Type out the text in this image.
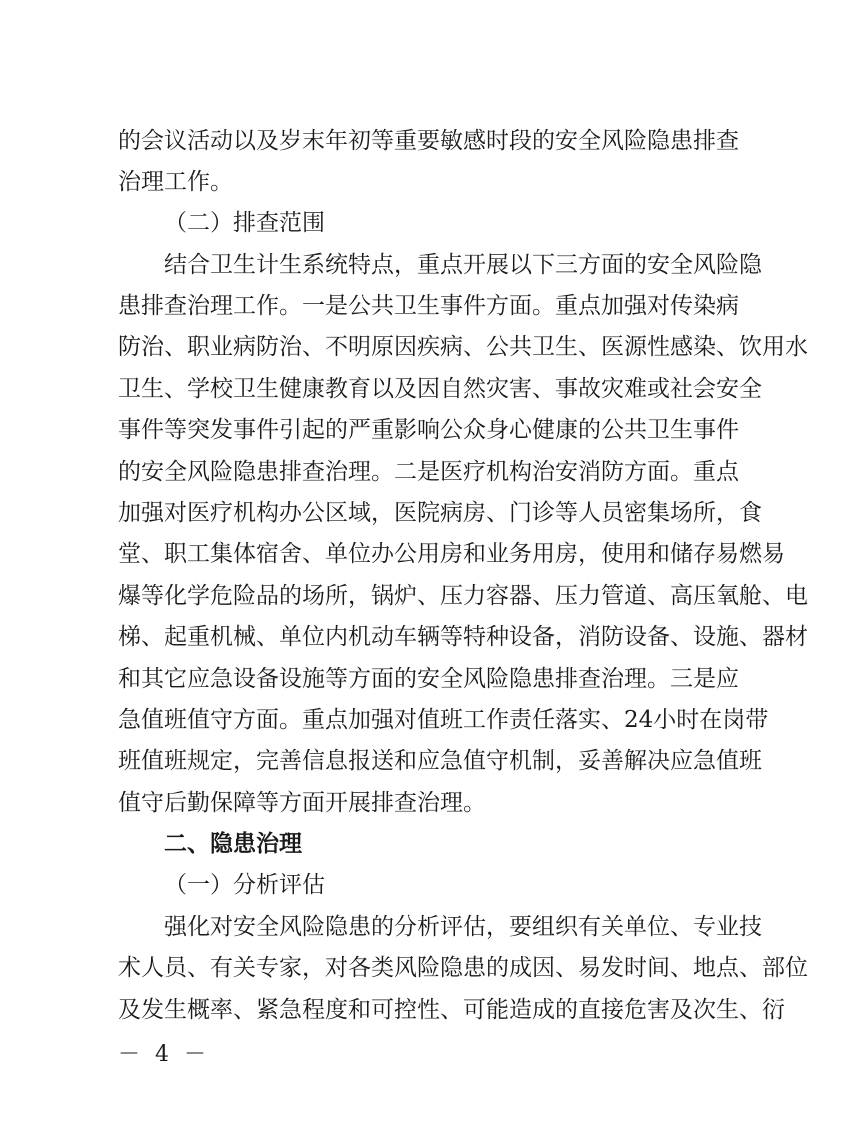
的会议活动以及岁末年初等重要敏感时段的安全风险隐患排查
治理工作。
（二）排查范围
结合卫生计生系统特点，重点开展以下三方面的安全风险隐
患排查治理工作。一是公共卫生事件方面。重点加强对传染病
防治、职业病防治、不明原因疾病、公共卫生、医源性感染、饮用水
卫生、学校卫生健康教育以及因自然灾害、事故灾难或社会安全
事件等突发事件引起的严重影响公众身心健康的公共卫生事件
的安全风险隐患排查治理。二是医疗机构治安消防方面。重点
加强对医疗机构办公区域，医院病房、门诊等人员密集场所，食
堂、职工集体宿舍、单位办公用房和业务用房，使用和储存易燃易
爆等化学危险品的场所，锅炉、压力容器、压力管道、高压氧舱、电
梯、起重机械、单位内机动车辆等特种设备，消防设备、设施、器材
和其它应急设备设施等方面的安全风险隐患排查治理。三是应
急值班值守方面。重点加强对值班工作责任落实、24小时在岗带
班值班规定，完善信息报送和应急值守机制，妥善解决应急值班
值守后勤保障等方面开展排查治理。
二、隐患治理
（一）分析评估
强化对安全风险隐患的分析评估，要组织有关单位、专业技
术人员、有关专家，对各类风险隐患的成因、易发时间、地点、部位
及发生概率、紧急程度和可控性、可能造成的直接危害及次生、衍
－ 4 －
